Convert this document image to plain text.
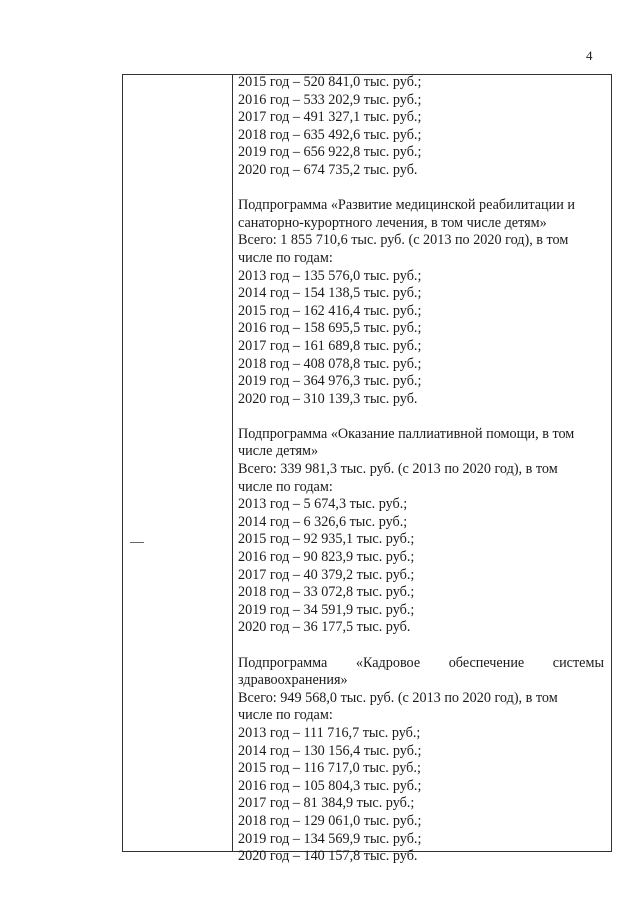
4
2015 год – 520 841,0 тыс. руб.;
2016 год – 533 202,9 тыс. руб.;
2017 год – 491 327,1 тыс. руб.;
2018 год – 635 492,6 тыс. руб.;
2019 год – 656 922,8 тыс. руб.;
2020 год – 674 735,2 тыс. руб.
Подпрограмма «Развитие медицинской реабилитации и
санаторно-курортного лечения, в том числе детям»
Всего: 1 855 710,6 тыс. руб. (с 2013 по 2020 год), в том
числе по годам:
2013 год – 135 576,0 тыс. руб.;
2014 год – 154 138,5 тыс. руб.;
2015 год – 162 416,4 тыс. руб.;
2016 год – 158 695,5 тыс. руб.;
2017 год – 161 689,8 тыс. руб.;
2018 год – 408 078,8 тыс. руб.;
2019 год – 364 976,3 тыс. руб.;
2020 год – 310 139,3 тыс. руб.
Подпрограмма «Оказание паллиативной помощи, в том
числе детям»
Всего: 339 981,3 тыс. руб. (с 2013 по 2020 год), в том
числе по годам:
2013 год – 5 674,3 тыс. руб.;
2014 год – 6 326,6 тыс. руб.;
2015 год – 92 935,1 тыс. руб.;
2016 год – 90 823,9 тыс. руб.;
2017 год – 40 379,2 тыс. руб.;
2018 год – 33 072,8 тыс. руб.;
2019 год – 34 591,9 тыс. руб.;
2020 год – 36 177,5 тыс. руб.
Подпрограмма «Кадровое обеспечение системы
здравоохранения»
Всего: 949 568,0 тыс. руб. (с 2013 по 2020 год), в том
числе по годам:
2013 год – 111 716,7 тыс. руб.;
2014 год – 130 156,4 тыс. руб.;
2015 год – 116 717,0 тыс. руб.;
2016 год – 105 804,3 тыс. руб.;
2017 год – 81 384,9 тыс. руб.;
2018 год – 129 061,0 тыс. руб.;
2019 год – 134 569,9 тыс. руб.;
2020 год – 140 157,8 тыс. руб.
